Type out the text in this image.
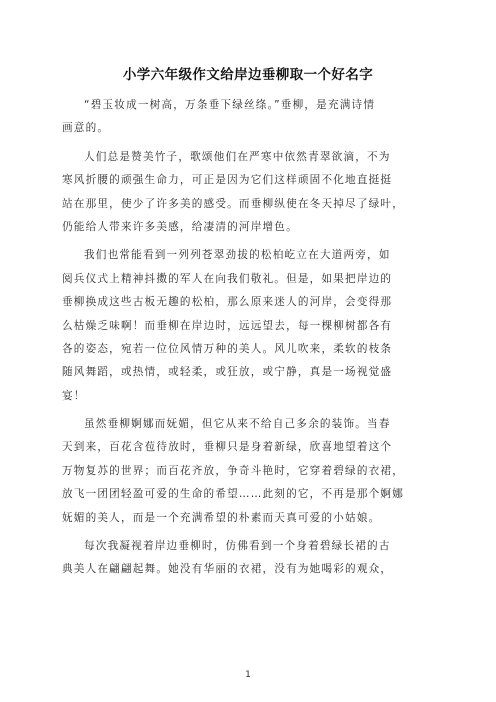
小学六年级作文给岸边垂柳取一个好名字
“碧玉妆成一树高，万条垂下绿丝绦。”垂柳，是充满诗情
画意的。
人们总是赞美竹子，歌颂他们在严寒中依然青翠欲滴，不为
寒风折腰的顽强生命力，可正是因为它们这样顽固不化地直挺挺
站在那里，使少了许多美的感受。而垂柳纵使在冬天掉尽了绿叶，
仍能给人带来许多美感，给凄清的河岸增色。
我们也常能看到一列列苍翠劲拔的松柏屹立在大道两旁，如
阅兵仪式上精神抖擞的军人在向我们敬礼。但是，如果把岸边的
垂柳换成这些古板无趣的松柏，那么原来迷人的河岸，会变得那
么枯燥乏味啊！而垂柳在岸边时，远远望去，每一棵柳树都各有
各的姿态，宛若一位位风情万种的美人。风儿吹来，柔软的枝条
随风舞蹈，或热情，或轻柔，或狂放，或宁静，真是一场视觉盛
宴！
虽然垂柳婀娜而妩媚，但它从来不给自己多余的装饰。当春
天到来，百花含苞待放时，垂柳只是身着新绿，欣喜地望着这个
万物复苏的世界；而百花齐放，争奇斗艳时，它穿着碧绿的衣裙，
放飞一团团轻盈可爱的生命的希望……此刻的它，不再是那个婀娜
妩媚的美人，而是一个充满希望的朴素而天真可爱的小姑娘。
每次我凝视着岸边垂柳时，仿佛看到一个身着碧绿长裙的古
典美人在翩翩起舞。她没有华丽的衣裙，没有为她喝彩的观众，
1
